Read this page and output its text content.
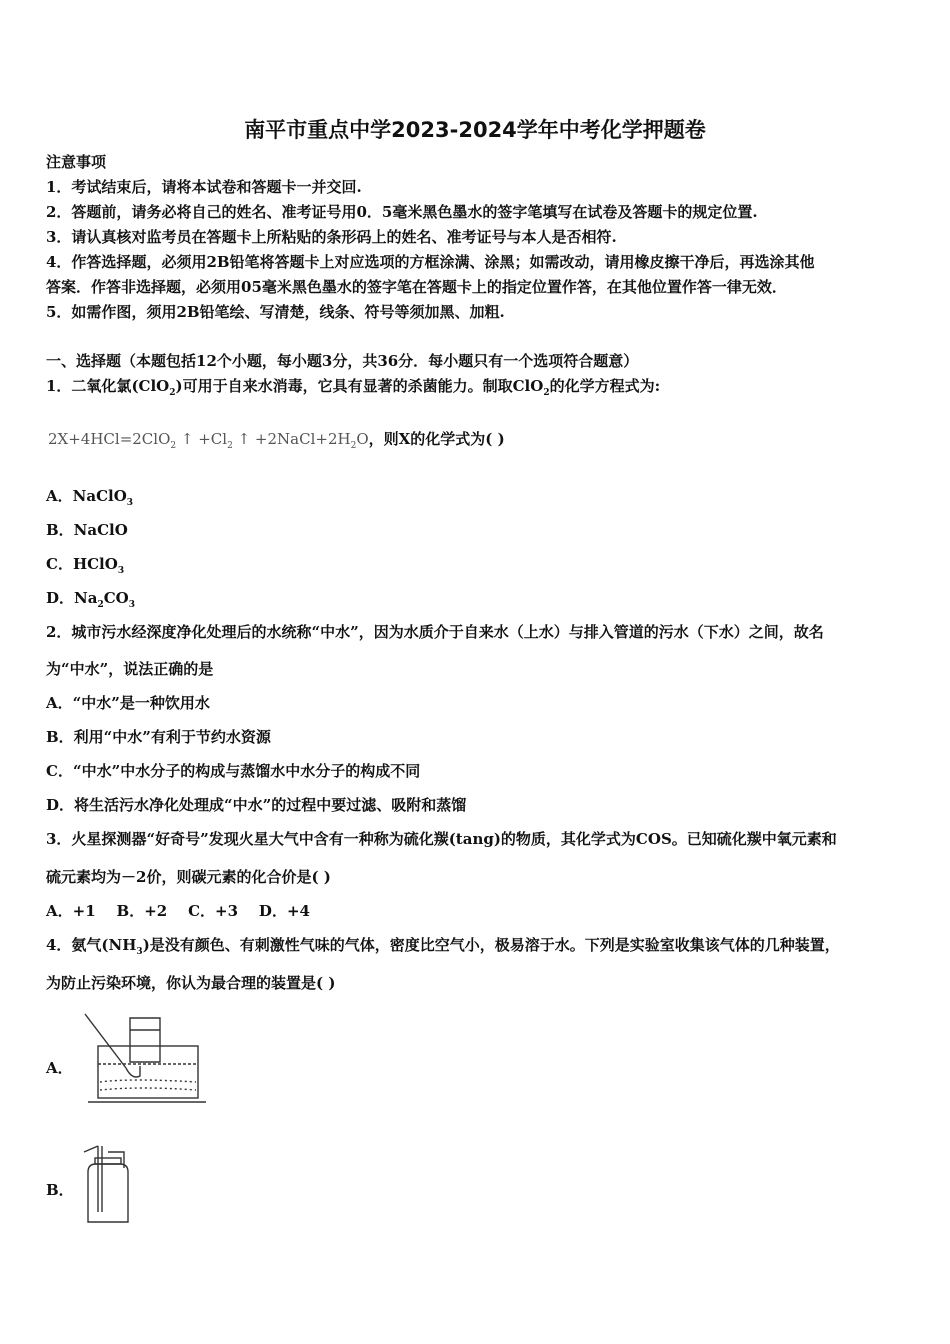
南平市重点中学2023-2024学年中考化学押题卷
注意事项
1．考试结束后，请将本试卷和答题卡一并交回.
2．答题前，请务必将自己的姓名、准考证号用0．5毫米黑色墨水的签字笔填写在试卷及答题卡的规定位置.
3．请认真核对监考员在答题卡上所粘贴的条形码上的姓名、准考证号与本人是否相符.
4．作答选择题，必须用2B铅笔将答题卡上对应选项的方框涂满、涂黑；如需改动，请用橡皮擦干净后，再选涂其他
答案．作答非选择题，必须用05毫米黑色墨水的签字笔在答题卡上的指定位置作答，在其他位置作答一律无效．
5．如需作图，须用2B铅笔绘、写清楚，线条、符号等须加黑、加粗.
一、选择题（本题包括12个小题，每小题3分，共36分．每小题只有一个选项符合题意）
1．二氧化氯(ClO$_2$)可用于自来水消毒，它具有显著的杀菌能力。制取ClO$_2$的化学方程式为:
2X+4HCl=2ClO$_2$ ↑ $+Cl_2$ ↑ $+2NaCl+2H_2O$，则X的化学式为( )
A．NaClO$_3$
B．NaClO
C．HClO$_3$
D．$Na_2CO_3$
2．城市污水经深度净化处理后的水统称“中水”，因为水质介于自来水（上水）与排入管道的污水（下水）之间，故名
为“中水”，说法正确的是
A．“中水”是一种饮用水
B．利用“中水”有利于节约水资源
C．“中水”中水分子的构成与蒸馏水中水分子的构成不同
D．将生活污水净化处理成“中水”的过程中要过滤、吸附和蒸馏
3．火星探测器“好奇号”发现火星大气中含有一种称为硫化羰(tang)的物质，其化学式为COS。已知硫化羰中氧元素和
硫元素均为－2价，则碳元素的化合价是( )
A．+1    B．+2    C．+3    D．+4
4．氨气$(NH_3)$是没有颜色、有刺激性气味的气体，密度比空气小，极易溶于水。下列是实验室收集该气体的几种装置，
为防止污染环境，你认为最合理的装置是( )
A．
B．
